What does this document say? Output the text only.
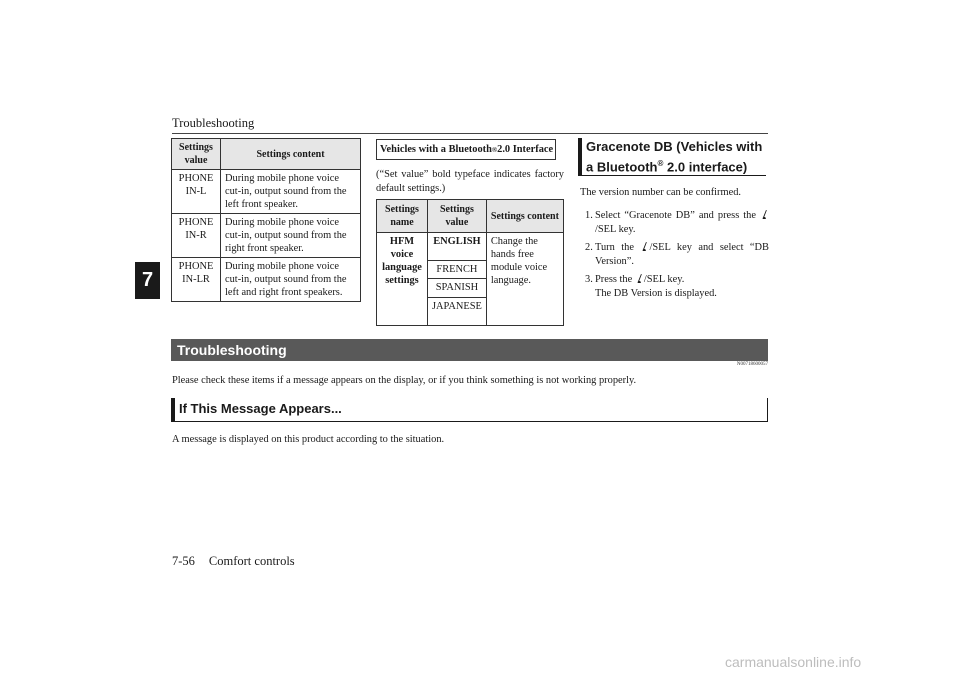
Troubleshooting
7
Settings value	Settings content
PHONE IN-L	During mobile phone voice cut-in, output sound from the left front speaker.
PHONE IN-R	During mobile phone voice cut-in, output sound from the right front speaker.
PHONE IN-LR	During mobile phone voice cut-in, output sound from the left and right front speakers.
Vehicles with a Bluetooth ® 2.0 Interface
(“Set value” bold typeface indicates factory default settings.)
Settings name	Settings value	Settings content
HFM voice language settings	ENGLISH	Change the hands free module voice language.
	FRENCH	
	SPANISH	
	JAPANESE	
Gracenote DB (Vehicles with a Bluetooth® 2.0 interface)
The version number can be confirmed.
1. Select “Gracenote DB” and press the /SEL key.
2. Turn the /SEL key and select “DB Version”.
3. Press the /SEL key.
The DB Version is displayed.
Troubleshooting
N00718600057
Please check these items if a message appears on the display, or if you think something is not working properly.
If This Message Appears...
A message is displayed on this product according to the situation.
7-56 Comfort controls
carmanualsonline.info
